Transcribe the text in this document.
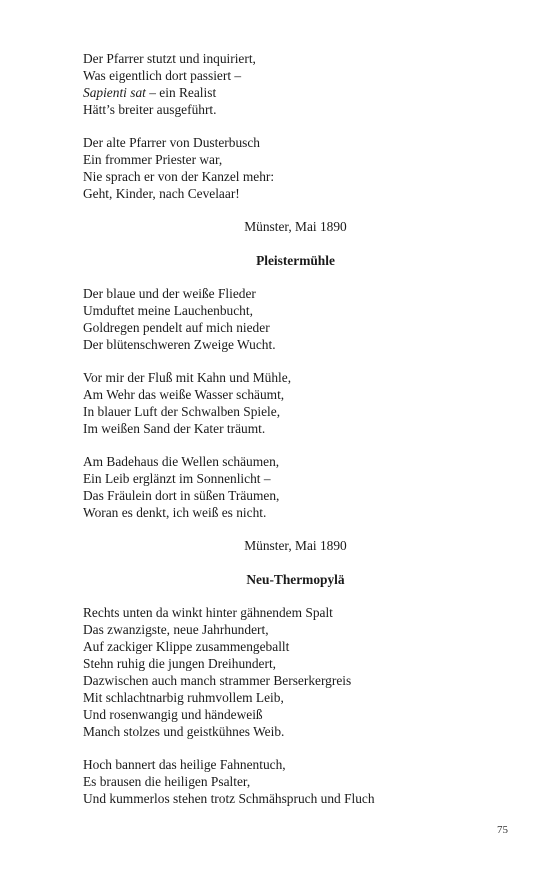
Der Pfarrer stutzt und inquiriert,
Was eigentlich dort passiert –
Sapienti sat – ein Realist
Hätt’s breiter ausgeführt.
Der alte Pfarrer von Dusterbusch
Ein frommer Priester war,
Nie sprach er von der Kanzel mehr:
Geht, Kinder, nach Cevelaar!
Münster, Mai 1890
Pleistermühle
Der blaue und der weiße Flieder
Umduftet meine Lauchenbucht,
Goldregen pendelt auf mich nieder
Der blütenschweren Zweige Wucht.
Vor mir der Fluß mit Kahn und Mühle,
Am Wehr das weiße Wasser schäumt,
In blauer Luft der Schwalben Spiele,
Im weißen Sand der Kater träumt.
Am Badehaus die Wellen schäumen,
Ein Leib erglänzt im Sonnenlicht –
Das Fräulein dort in süßen Träumen,
Woran es denkt, ich weiß es nicht.
Münster, Mai 1890
Neu-Thermopylä
Rechts unten da winkt hinter gähnendem Spalt
Das zwanzigste, neue Jahrhundert,
Auf zackiger Klippe zusammengeballt
Stehn ruhig die jungen Dreihundert,
Dazwischen auch manch strammer Berserkergreis
Mit schlachtnarbig ruhmvollem Leib,
Und rosenwangig und händeweiß
Manch stolzes und geistkühnes Weib.
Hoch bannert das heilige Fahnentuch,
Es brausen die heiligen Psalter,
Und kummerlos stehen trotz Schmähspruch und Fluch
75
